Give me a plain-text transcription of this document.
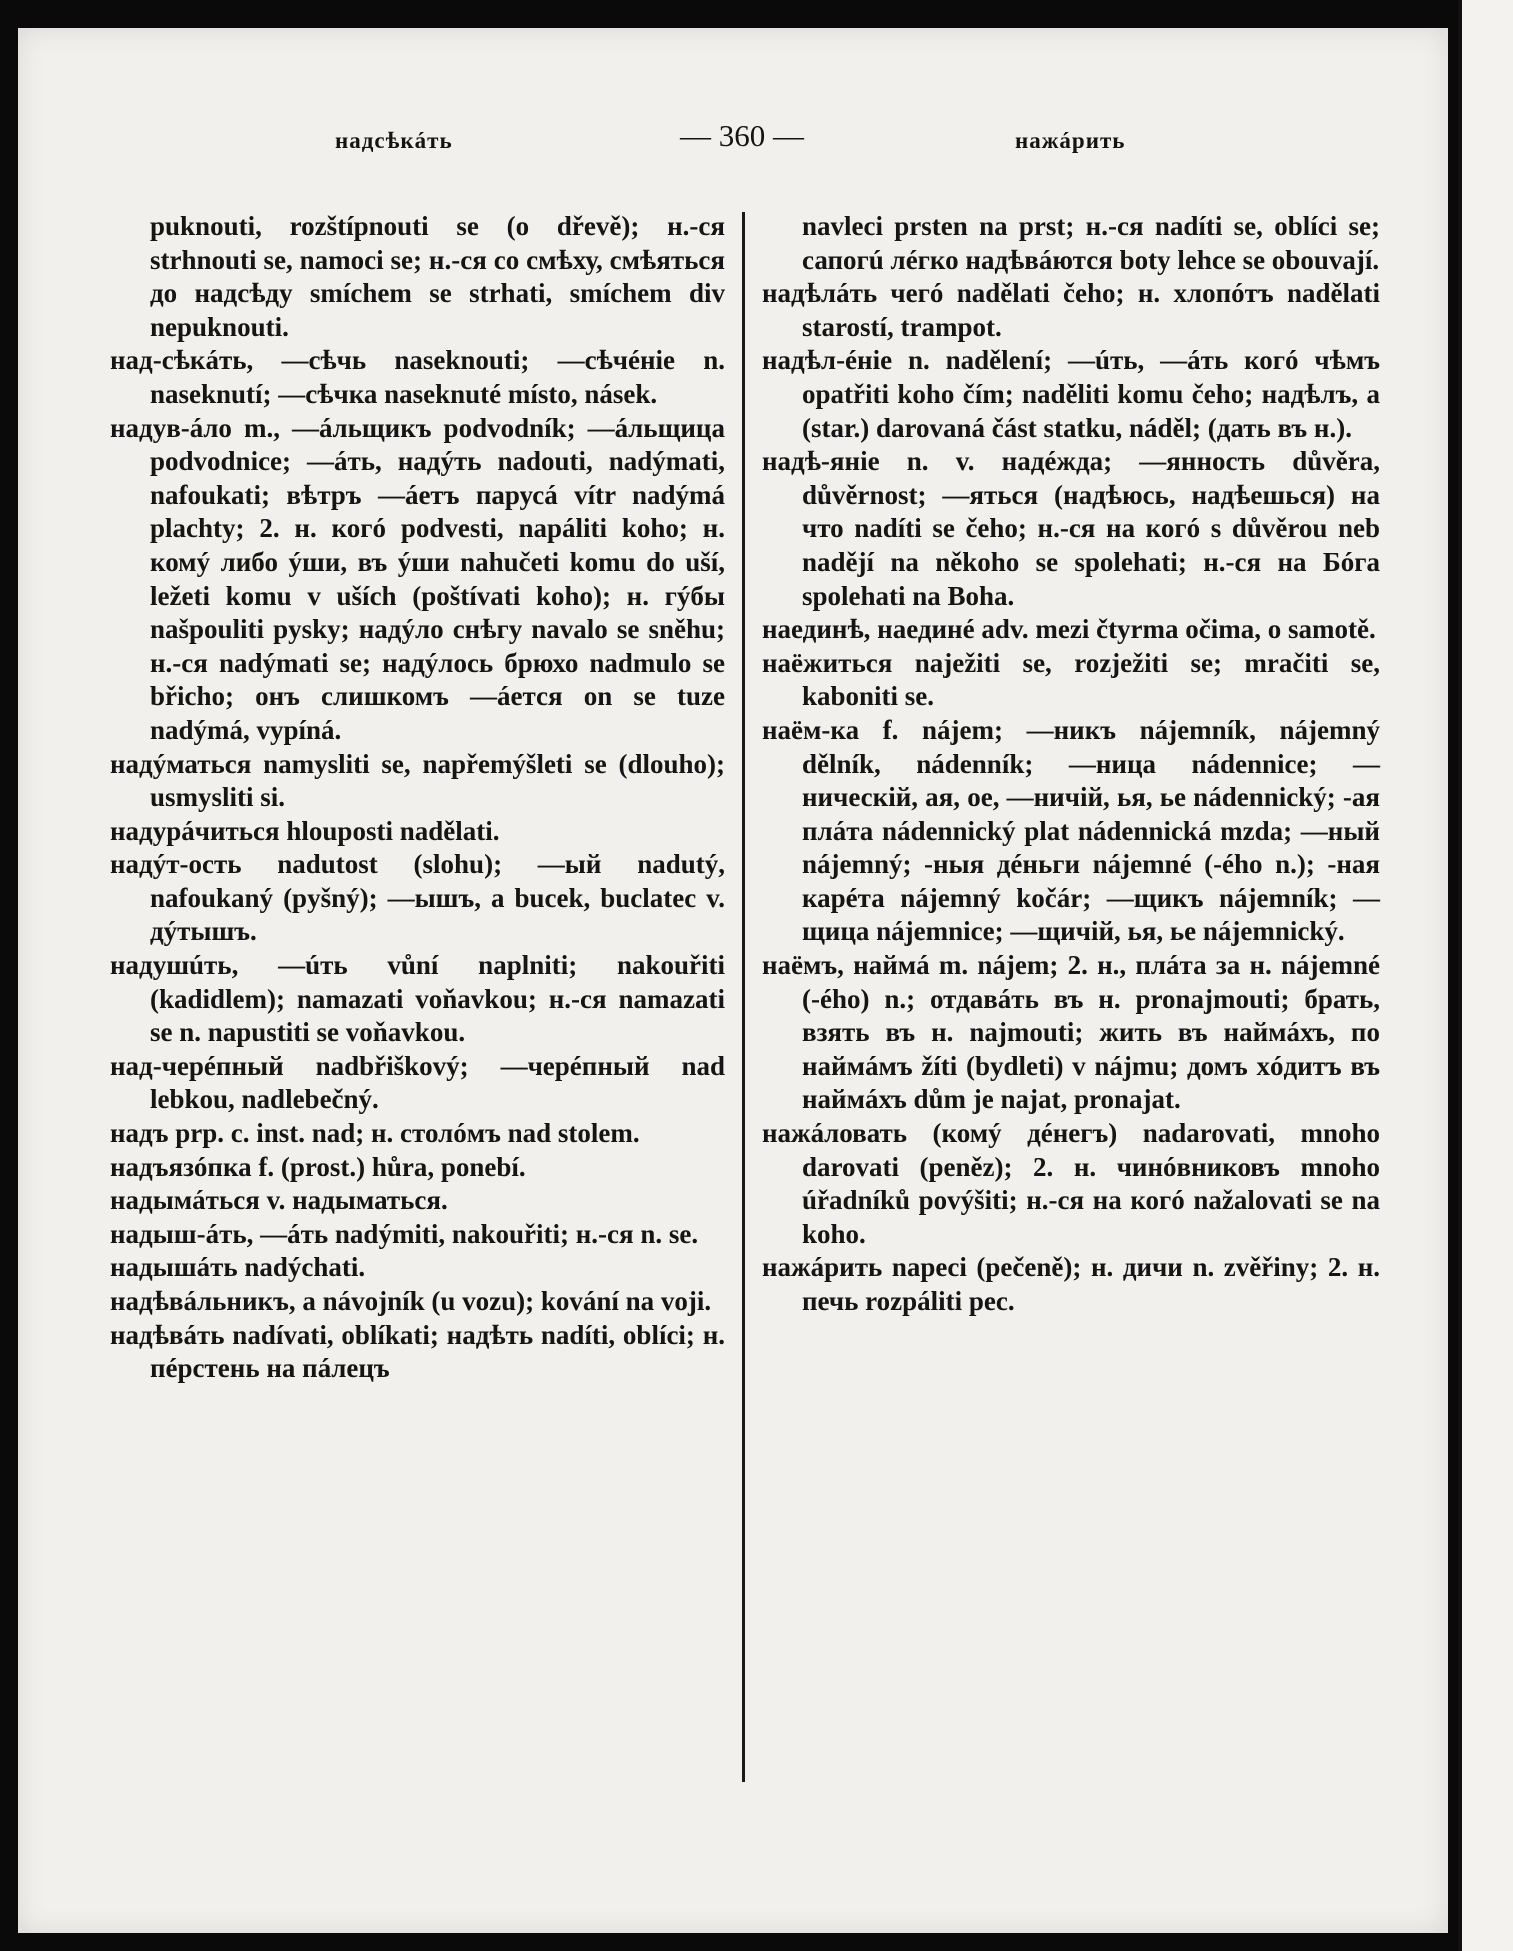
надсѣкáть	— 360 —	нажáрить

puknouti, rozštípnouti se (o dřevě); н.-ся strhnouti se, namoci se; н.-ся со смѣху, смѣяться до надсѣду smíchem se strhati, smíchem div nepuknouti.

над-сѣкáть, —сѣчь naseknouti; —сѣчéніе n. naseknutí; —сѣчка naseknuté místo, násek.

надув-áло m., —áльщикъ podvodník; —áльщица podvodnice; —áть, надýть nadouti, nadýmati, nafoukati; вѣтръ —áетъ парусá vítr nadýmá plachty; 2. н. когó podvesti, napáliti koho; н. комý либо ýши, въ ýши nahučeti komu do uší, ležeti komu v uších (poštívati koho); н. гýбы našpouliti pysky; надýло снѣгу navalo se sněhu; н.-ся nadýmati se; надýлось брюхо nadmulo se břicho; онъ слишкомъ —áется on se tuze nadýmá, vypíná.

надýматься namysliti se, napřemýšleti se (dlouho); usmysliti si.

надурáчиться hlouposti nadělati.

надýт-ость nadutost (slohu); —ый nadutý, nafoukaný (pyšný); —ышъ, a bucek, buclatec v. дýтышъ.

надушúть, —úть vůní naplniti; nakouřiti (kadidlem); namazati voňavkou; н.-ся namazati se n. napustiti se voňavkou.

над-черéпный nadbřiškový; —черéпный nad lebkou, nadlebečný.

надъ prp. c. inst. nad; н. столóмъ nad stolem.

надъязóпка f. (prost.) hůra, ponebí.

надымáться v. надыматься.

надыш-áть, —áть nadýmiti, nakouřiti; н.-ся n. se.

надышáть nadýchati.

надѣвáльникъ, a návojník (u vozu); kování na voji.

надѣвáть nadívati, oblíkati; надѣть nadíti, oblíci; н. пéрстень на пáлецъ

navleci prsten na prst; н.-ся nadíti se, oblíci se; сапогú лéгко надѣвáются boty lehce se obouvají.

надѣлáть чегó nadělati čeho; н. хлопóтъ nadělati starostí, trampot.

надѣл-éніе n. nadělení; —úть, —áть когó чѣмъ opatřiti koho čím; naděliti komu čeho; надѣлъ, a (star.) darovaná část statku, náděl; (дать въ н.).

надѣ-яніе n. v. надéжда; —янность důvěra, důvěrnost; —яться (надѣюсь, надѣешься) на что nadíti se čeho; н.-ся на когó s důvěrou neb nadějí na někoho se spolehati; н.-ся на Бóга spolehati na Boha.

наединѣ, наединé adv. mezi čtyrma očima, o samotě.

наёжиться naježiti se, rozježiti se; mračiti se, kaboniti se.

наём-ка f. nájem; —никъ nájemník, nájemný dělník, nádenník; —ница nádennice; —ническій, ая, ое, —ничій, ья, ье nádennický; -ая плáта nádennický plat nádennická mzda; —ный nájemný; -ныя дéньги nájemné (-ého n.); -ная карéта nájemný kočár; —щикъ nájemník; —щица nájemnice; —щичій, ья, ье nájemnický.

наёмъ, наймá m. nájem; 2. н., плáта за н. nájemné (-ého) n.; отдавáть въ н. pronajmouti; брать, взять въ н. najmouti; жить въ наймáхъ, по наймáмъ žíti (bydleti) v nájmu; домъ хóдитъ въ наймáхъ dům je najat, pronajat.

нажáловать (комý дéнегъ) nadarovati, mnoho darovati (peněz); 2. н. чинóвниковъ mnoho úřadníků povýšiti; н.-ся на когó nažalovati se na koho.

нажáрить napeci (pečeně); н. дичи n. zvěřiny; 2. н. печь rozpáliti pec.
